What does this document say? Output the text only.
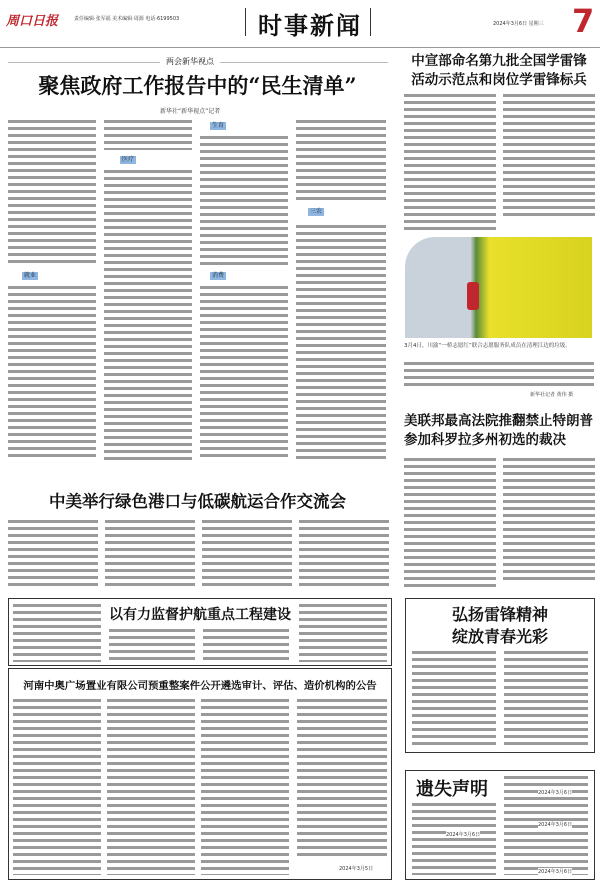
周口日报	责任编辑·张军福 美术编辑·周源 电话·6199503	时事新闻	2024年3月6日 星期三 7
两会新华视点
聚焦政府工作报告中的“民生清单”
新华社“新华视点”记者
就业
医疗
生育
消费
三农
中宣部命名第九批全国学雷锋
活动示范点和岗位学雷锋标兵
3月4日，川渝“一桥志愿红”联合志愿服务队成员在清理江边的垃圾。
新华社记者 黄伟 摄
美联邦最高法院推翻禁止特朗普
参加科罗拉多州初选的裁决
中美举行绿色港口与低碳航运合作交流会
以有力监督护航重点工程建设
河南中奥广场置业有限公司预重整案件公开遴选审计、评估、造价机构的公告
2024年3月5日
弘扬雷锋精神
绽放青春光彩
遗失声明
2024年3月6日
2024年3月6日
2024年3月6日
2024年3月6日
